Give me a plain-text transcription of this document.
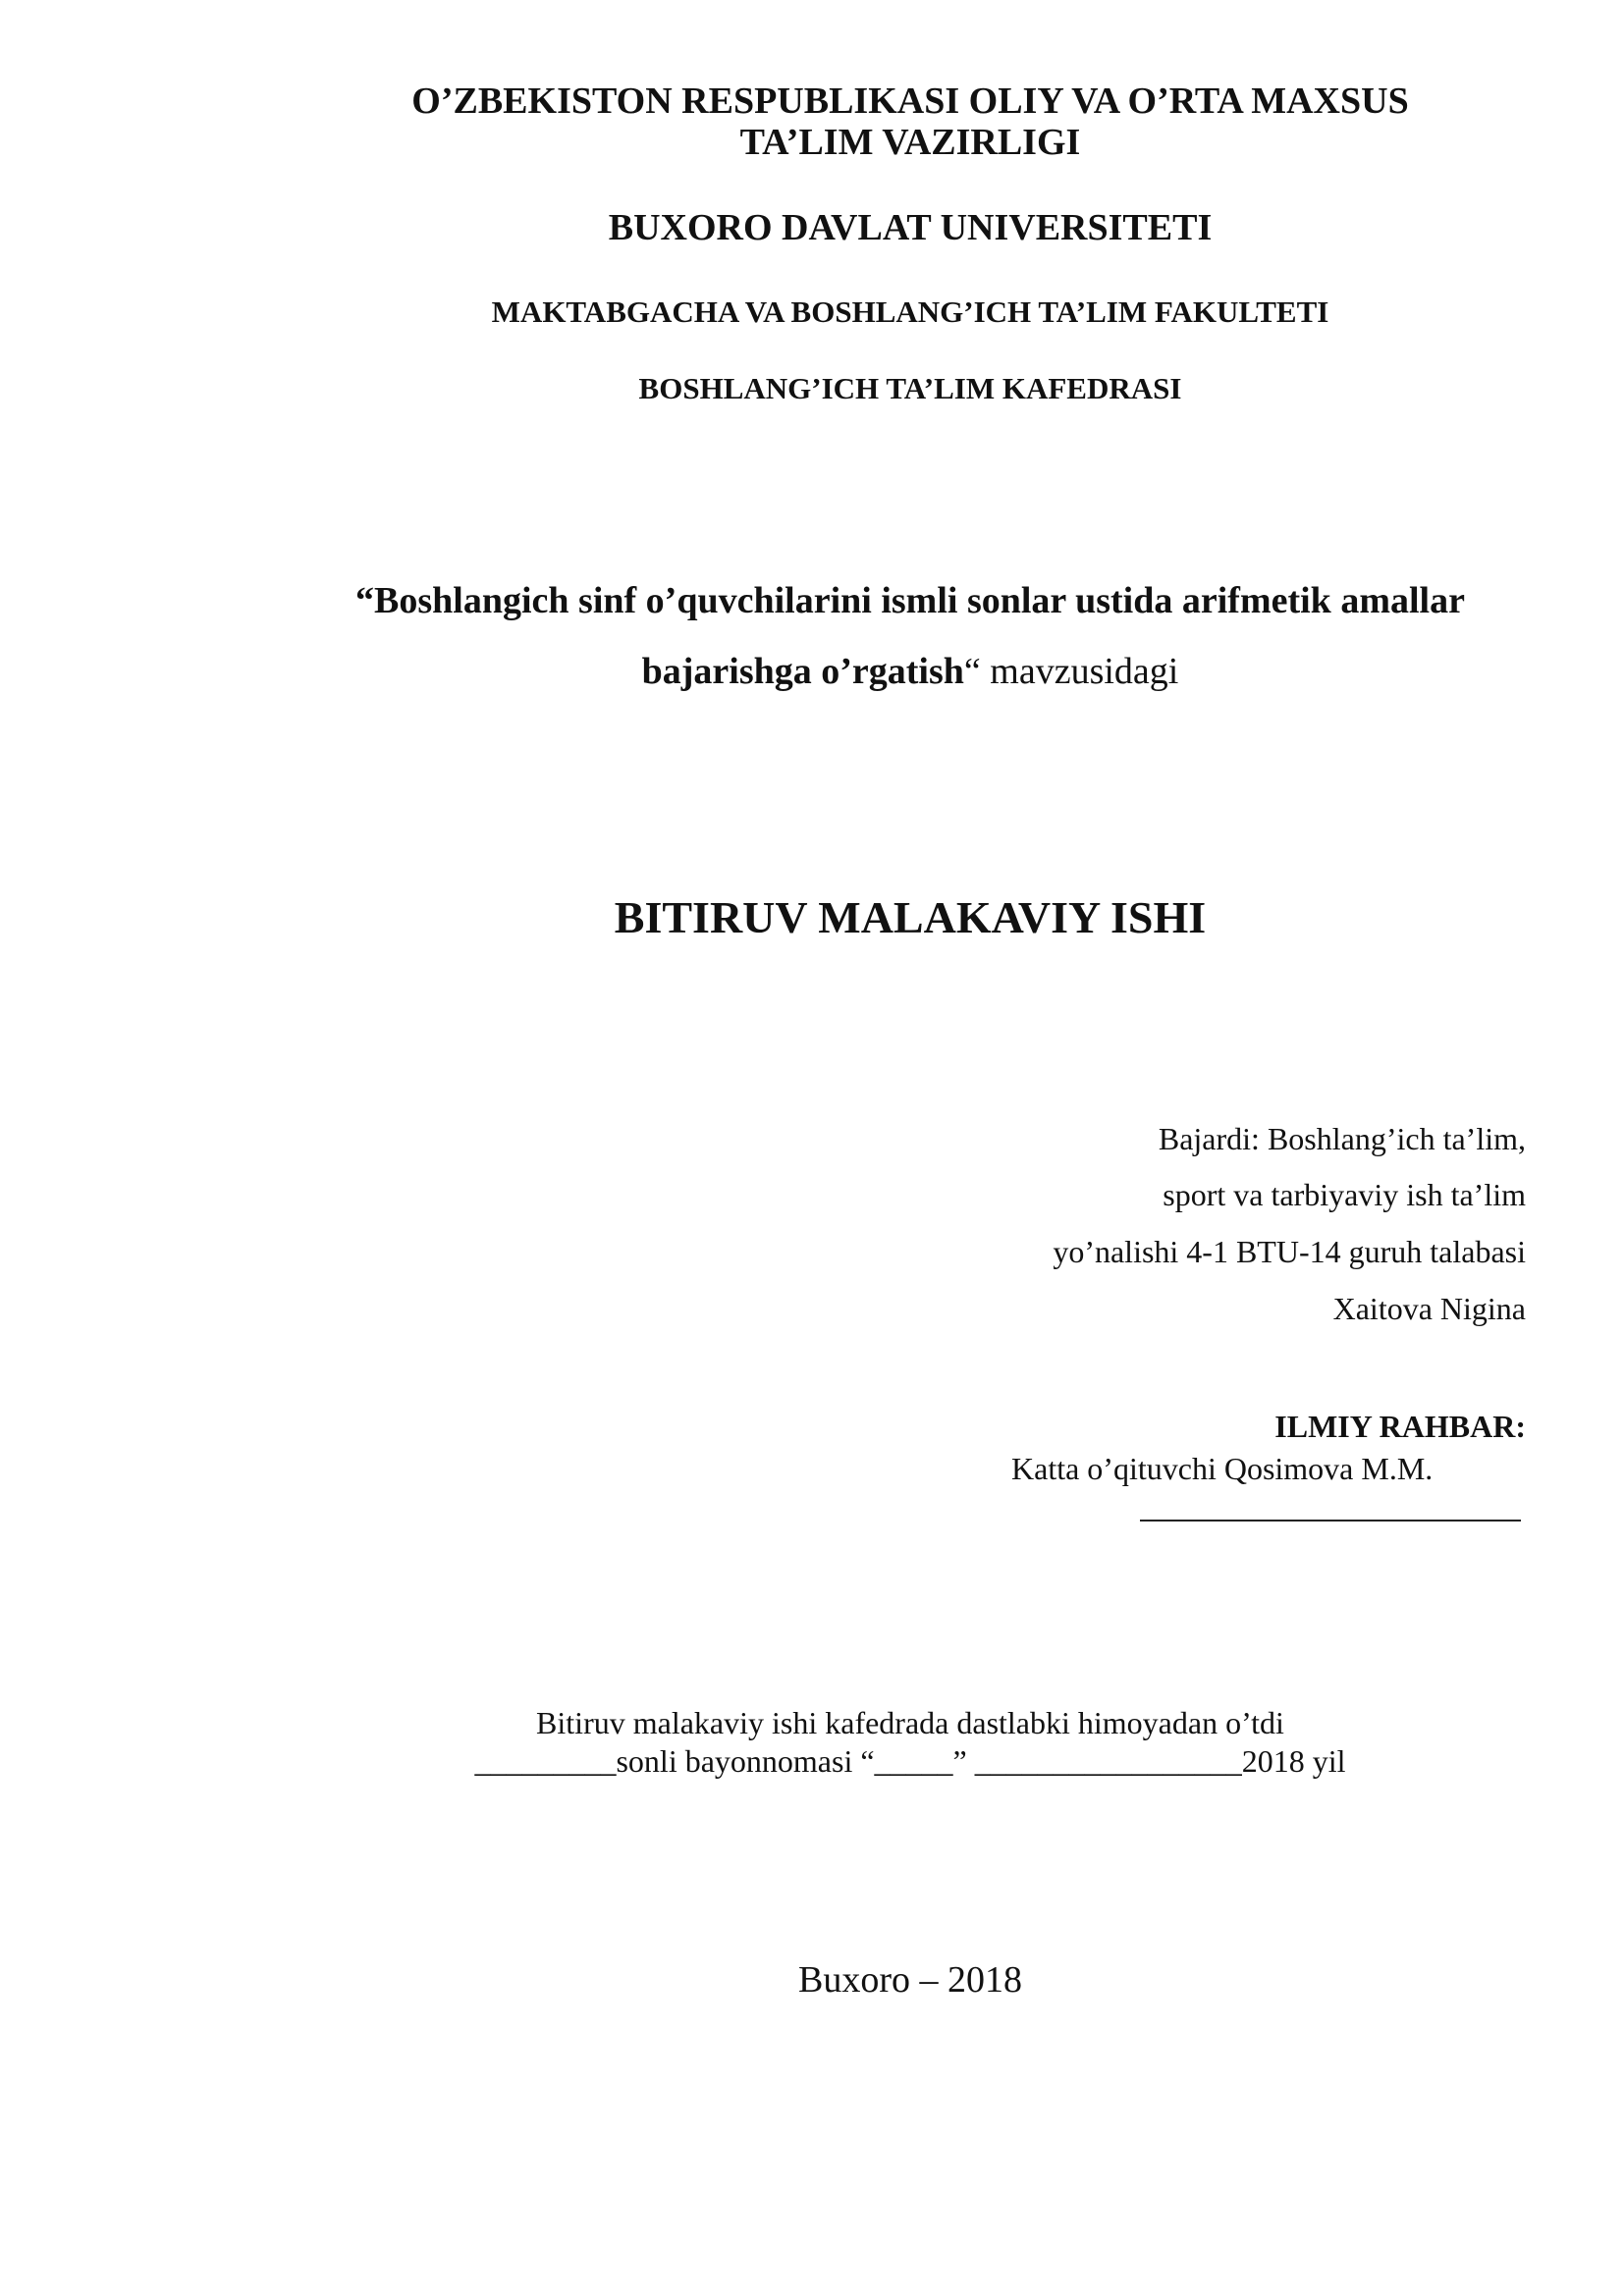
O’ZBEKISTON RESPUBLIKASI OLIY VA O’RTA MAXSUS
TA’LIM VAZIRLIGI
BUXORO DAVLAT UNIVERSITETI
MAKTABGACHA VA BOSHLANG’ICH TA’LIM FAKULTETI
BOSHLANG’ICH TA’LIM KAFEDRASI
“Boshlangich sinf o’quvchilarini ismli sonlar ustida arifmetik amallar
bajarishga o’rgatish“ mavzusidagi
BITIRUV MALAKAVIY ISHI
Bajardi: Boshlang’ich ta’lim,
sport va tarbiyaviy ish ta’lim
yo’nalishi 4-1 BTU-14 guruh talabasi
Xaitova Nigina
ILMIY RAHBAR:
Katta o’qituvchi Qosimova M.M.
Bitiruv malakaviy ishi kafedrada dastlabki himoyadan o’tdi
_________sonli bayonnomasi “_____” _________________2018 yil
Buxoro – 2018
